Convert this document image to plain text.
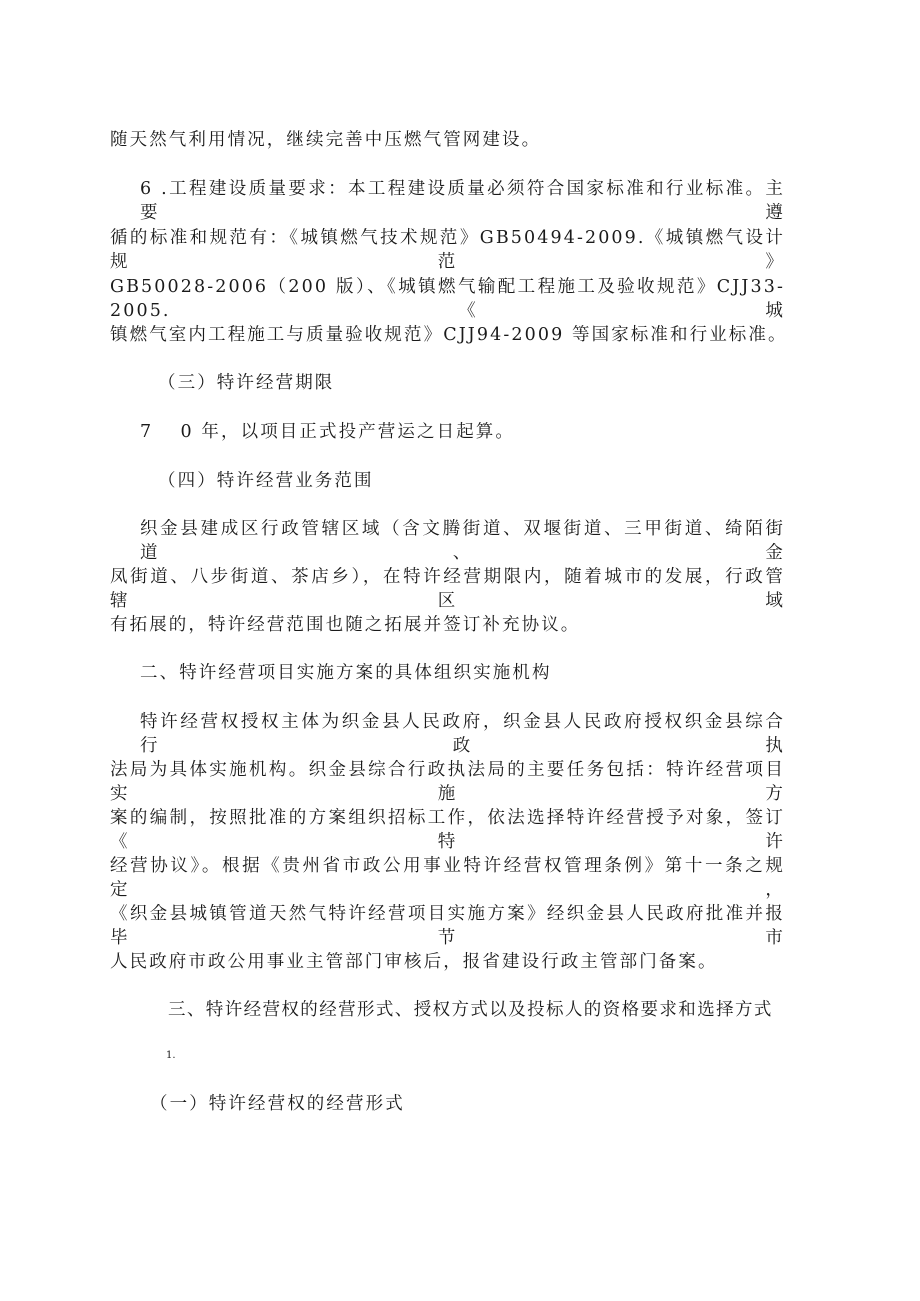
随天然气利用情况，继续完善中压燃气管网建设。
6 .工程建设质量要求：本工程建设质量必须符合国家标准和行业标准。主要遵
循的标准和规范有：《城镇燃气技术规范》GB50494-2009.《城镇燃气设计规范》
GB50028-2006（200 版）、《城镇燃气输配工程施工及验收规范》CJJ33-2005.《城
镇燃气室内工程施工与质量验收规范》CJJ94-2009 等国家标准和行业标准。
（三）特许经营期限
7　 0 年，以项目正式投产营运之日起算。
（四）特许经营业务范围
织金县建成区行政管辖区域（含文腾街道、双堰街道、三甲街道、绮陌街道、金
凤街道、八步街道、茶店乡），在特许经营期限内，随着城市的发展，行政管辖区域
有拓展的，特许经营范围也随之拓展并签订补充协议。
二、特许经营项目实施方案的具体组织实施机构
特许经营权授权主体为织金县人民政府，织金县人民政府授权织金县综合行政执
法局为具体实施机构。织金县综合行政执法局的主要任务包括：特许经营项目实施方
案的编制，按照批准的方案组织招标工作，依法选择特许经营授予对象，签订《特许
经营协议》。根据《贵州省市政公用事业特许经营权管理条例》第十一条之规定，
《织金县城镇管道天然气特许经营项目实施方案》经织金县人民政府批准并报毕节市
人民政府市政公用事业主管部门审核后，报省建设行政主管部门备案。
三、特许经营权的经营形式、授权方式以及投标人的资格要求和选择方式
1.
（一）特许经营权的经营形式
